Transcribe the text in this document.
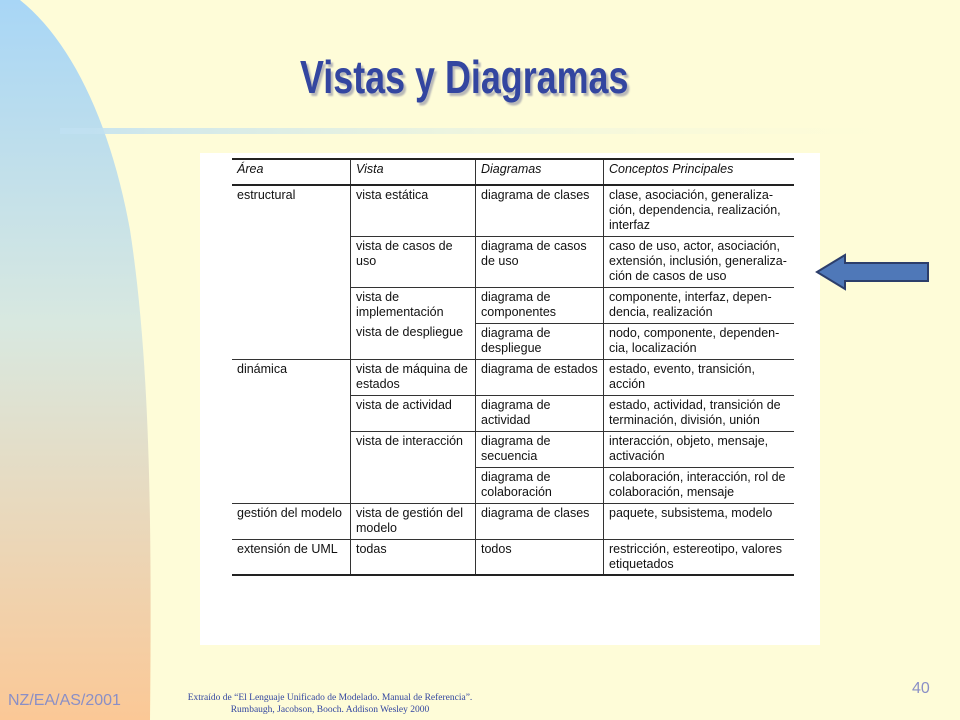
Vistas y Diagramas
Área	Vista	Diagramas	Conceptos Principales
estructural	vista estática	diagrama de clases	clase, asociación, generaliza-ción, dependencia, realización, interfaz
	vista de casos de uso	diagrama de casos de uso	caso de uso, actor, asociación, extensión, inclusión, generaliza-ción de casos de uso
	vista de implementación	diagrama de componentes	componente, interfaz, depen-dencia, realización
	vista de despliegue	diagrama de despliegue	nodo, componente, dependen-cia, localización
dinámica	vista de máquina de estados	diagrama de estados	estado, evento, transición, acción
	vista de actividad	diagrama de actividad	estado, actividad, transición de terminación, división, unión
	vista de interacción	diagrama de secuencia	interacción, objeto, mensaje, activación
		diagrama de colaboración	colaboración, interacción, rol de colaboración, mensaje
gestión del modelo	vista de gestión del modelo	diagrama de clases	paquete, subsistema, modelo
extensión de UML	todas	todos	restricción, estereotipo, valores etiquetados
NZ/EA/AS/2001	Extraído de “El Lenguaje Unificado de Modelado. Manual de Referencia”.
Rumbaugh, Jacobson, Booch. Addison Wesley 2000
40
